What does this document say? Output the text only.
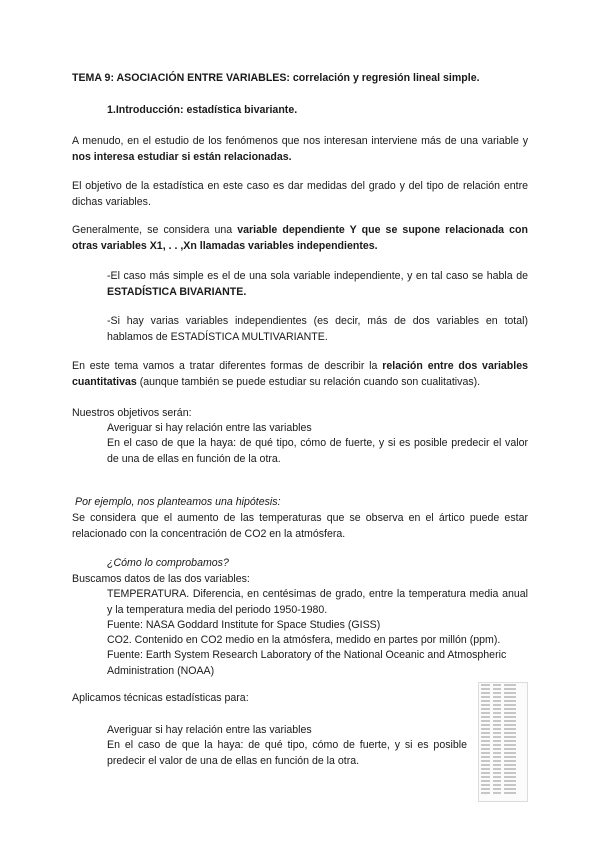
TEMA 9: ASOCIACIÓN ENTRE VARIABLES: correlación y regresión lineal simple.

1.Introducción: estadística bivariante.

A menudo, en el estudio de los fenómenos que nos interesan interviene más de una variable y nos interesa estudiar si están relacionadas.

El objetivo de la estadística en este caso es dar medidas del grado y del tipo de relación entre dichas variables.

Generalmente, se considera una variable dependiente Y que se supone relacionada con otras variables X1, . . ,Xn llamadas variables independientes.

-El caso más simple es el de una sola variable independiente, y en tal caso se habla de ESTADÍSTICA BIVARIANTE.

-Si hay varias variables independientes (es decir, más de dos variables en total) hablamos de ESTADÍSTICA MULTIVARIANTE.

En este tema vamos a tratar diferentes formas de describir la relación entre dos variables cuantitativas (aunque también se puede estudiar su relación cuando son cualitativas).

Nuestros objetivos serán:

Averiguar si hay relación entre las variables

En el caso de que la haya: de qué tipo, cómo de fuerte, y si es posible predecir el valor de una de ellas en función de la otra.

Por ejemplo, nos planteamos una hipótesis:

Se considera que el aumento de las temperaturas que se observa en el ártico puede estar relacionado con la concentración de CO2 en la atmósfera.

¿Cómo lo comprobamos?

Buscamos datos de las dos variables:

TEMPERATURA. Diferencia, en centésimas de grado, entre la temperatura media anual y la temperatura media del periodo 1950-1980.

Fuente: NASA Goddard Institute for Space Studies (GISS)

CO2. Contenido en CO2 medio en la atmósfera, medido en partes por millón (ppm).

Fuente: Earth System Research Laboratory of the National Oceanic and Atmospheric Administration (NOAA)

Aplicamos técnicas estadísticas para:

Averiguar si hay relación entre las variables

En el caso de que la haya: de qué tipo, cómo de fuerte, y si es posible predecir el valor de una de ellas en función de la otra.
